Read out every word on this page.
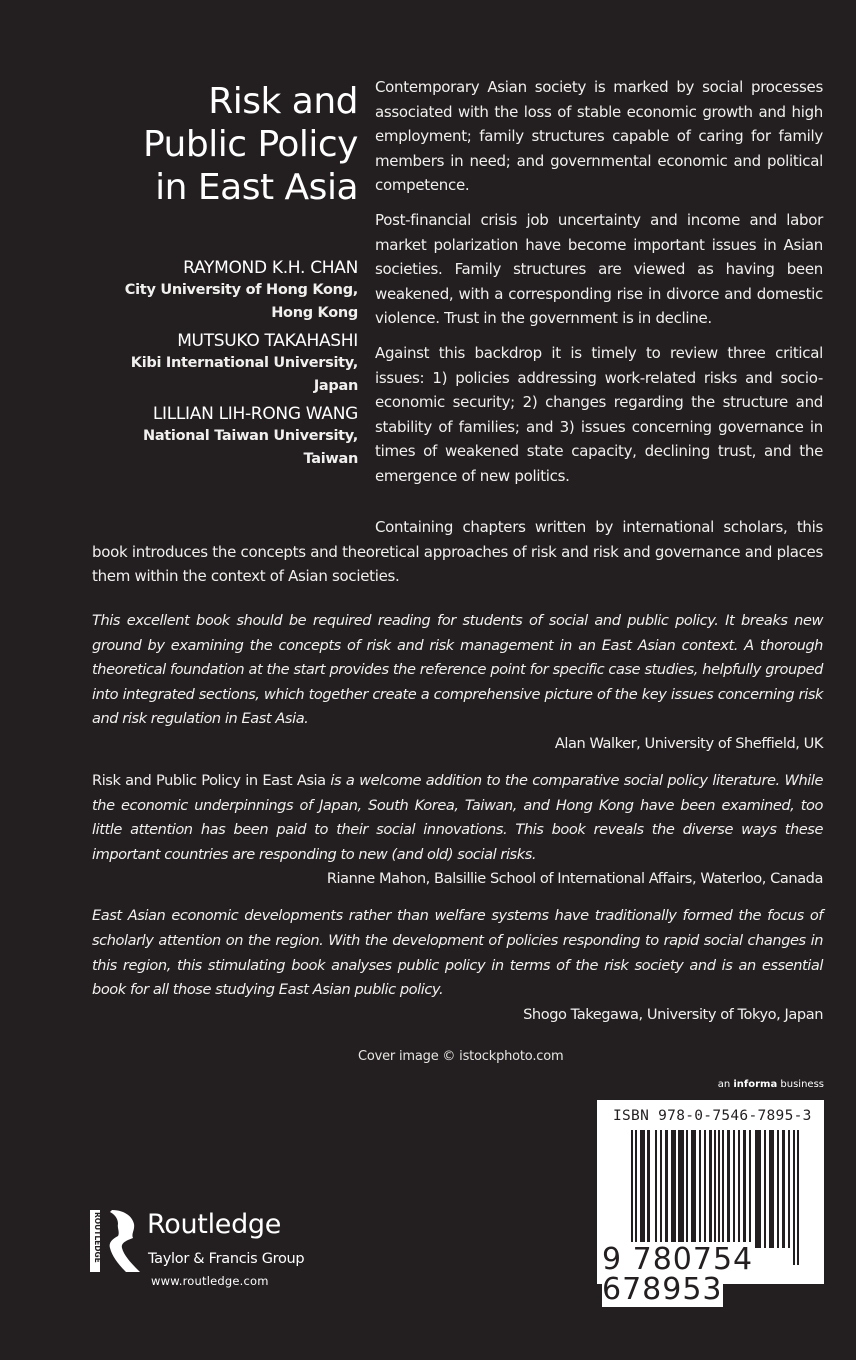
Risk and
Public Policy
in East Asia
RAYMOND K.H. CHAN
City University of Hong Kong,
Hong Kong
MUTSUKO TAKAHASHI
Kibi International University,
Japan
LILLIAN LIH-RONG WANG
National Taiwan University,
Taiwan

Contemporary Asian society is marked by social processes associated with the loss of stable economic growth and high employment; family structures capable of caring for family members in need; and governmental economic and political competence.

Post-financial crisis job uncertainty and income and labor market polarization have become important issues in Asian societies. Family structures are viewed as having been weakened, with a corresponding rise in divorce and domestic violence. Trust in the government is in decline.

Against this backdrop it is timely to review three critical issues: 1) policies addressing work-related risks and socio-economic security; 2) changes regarding the structure and stability of families; and 3) issues concerning governance in times of weakened state capacity, declining trust, and the emergence of new politics.

Containing chapters written by international scholars, this book introduces the concepts and theoretical approaches of risk and risk and governance and places them within the context of Asian societies.

This excellent book should be required reading for students of social and public policy. It breaks new ground by examining the concepts of risk and risk management in an East Asian context. A thorough theoretical foundation at the start provides the reference point for specific case studies, helpfully grouped into integrated sections, which together create a comprehensive picture of the key issues concerning risk and risk regulation in East Asia.

Alan Walker, University of Sheffield, UK

Risk and Public Policy in East Asia is a welcome addition to the comparative social policy literature. While the economic underpinnings of Japan, South Korea, Taiwan, and Hong Kong have been examined, too little attention has been paid to their social innovations. This book reveals the diverse ways these important countries are responding to new (and old) social risks.

Rianne Mahon, Balsillie School of International Affairs, Waterloo, Canada

East Asian economic developments rather than welfare systems have traditionally formed the focus of scholarly attention on the region. With the development of policies responding to rapid social changes in this region, this stimulating book analyses public policy in terms of the risk society and is an essential book for all those studying East Asian public policy.

Shogo Takegawa, University of Tokyo, Japan
Cover image © istockphoto.com
an informa business
ISBN 978-0-7546-7895-3
9 780754 678953
ROUTLEDGE Routledge
Taylor & Francis Group
www.routledge.com
